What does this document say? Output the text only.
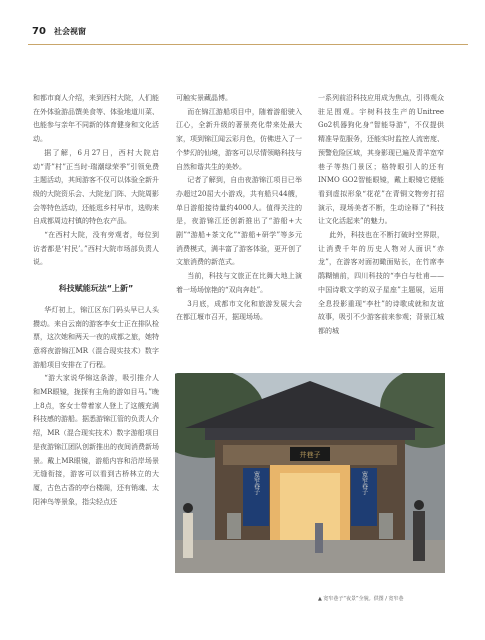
70 社会视窗

和都市商人介绍，来到西村大院，人们能在外体验游品馔美食等、体验地道川菜、也能参与亲年不同新的体育健身和文化活动。

据了解，6月27日，西村大院启动“青”村”正当时·瑞潮绿荣季”引领免费主题活动，其间游客不仅可以体验全新升级的大院资乐会、大院龙门阵、大院周影会等特色活动，还能逛乡村早市，选购来自成都周边村镇的特色农产品。

“在西村大院，没有旁观者，每位到访者都是‘村民’。”西村大院市场部负责人说。

科技赋能玩法“上新”

华灯初上，锦江区东门码头早已人头攒动。来自云南的游客李女士正在排队检票，这次她和两天一夜的成都之旅，她特意将夜游锦江MR（混合现实技术）数字游船项目安排在了行程。

“游大家说华锦这条游，吸引推介人和MR眼镜，拢探有主角的游如目马。”晚上8点，客女士带着家人登上了这艘充满科技感的游船。据悉游锦江管的负责人介绍，MR（混合现实技术）数字游船项目是夜游锦江团队创新推出的夜间消费新场景。戴上MR眼镜，游船内容和沿岸场景无缝衔接，游客可以看到古桥林立的大厦，古色古香的亭台楼阁，还有销魂、太阳神鸟等景象，指尖轻点还

可触实景藏晶博。

而在锦江游船项目中，随着游船驶入江心，全新升级的著景亮化带来处最大家，项到锦江闻云彩月色，仿佛进入了一个梦幻的仙境，游客可以尽情领略科技与自然和谐共生的美妙。

记者了解到，自由夜游锦江项目已举办超过20屈大小游戏，共有船只44艘，单日游船接待量约4000人。值得关注的是，夜游锦江还创新推出了“游船+大剧”“游船+茶文化”“游船+研学”等多元消费模式，满丰富了游客体验，更开创了文旅消费的新范式。

当前，科技与文旅正在比舞大地上演着一场场惊艳的“双向奔赴”。

3月底，成都市文化和旅游发展大会在都江堰市召开，据现场场。

一系列前沿科技应用成为焦点，引得观众驻足围观。宇树科技生产的Unitree Go2机器狗化身“智能导游”，不仅提供精准导览服务，还能实时监控人流密度、预警危险区域，其身影现已遍及青羊宽窄巷子等热门景区；格特眼引人的还有INMO GO2智能眼镜，戴上眼镜它便能看到虚拟形象“花花”在青铜文物旁打招演示，现场美者不断，生动诠释了“科技让文化活起来”的魅力。

此外，科技也在不断打破时空界限，让消费千年的历史人物对人面识“赤龙”，在游客对面初瞰面贴长，在竹席李鹃糊铺前，四川科技的“李白与杜甫——中国诗歌文学的双子星座”主题展，运用全息投影重现“李杜”的诗歌成就和友谊故事，吸引不少游客前来参观；背景江城都的城

井巷子
宽窄巷子	宽窄巷子
▲ 宽窄巷子“夜景”全貌。供图 / 宽窄巷
